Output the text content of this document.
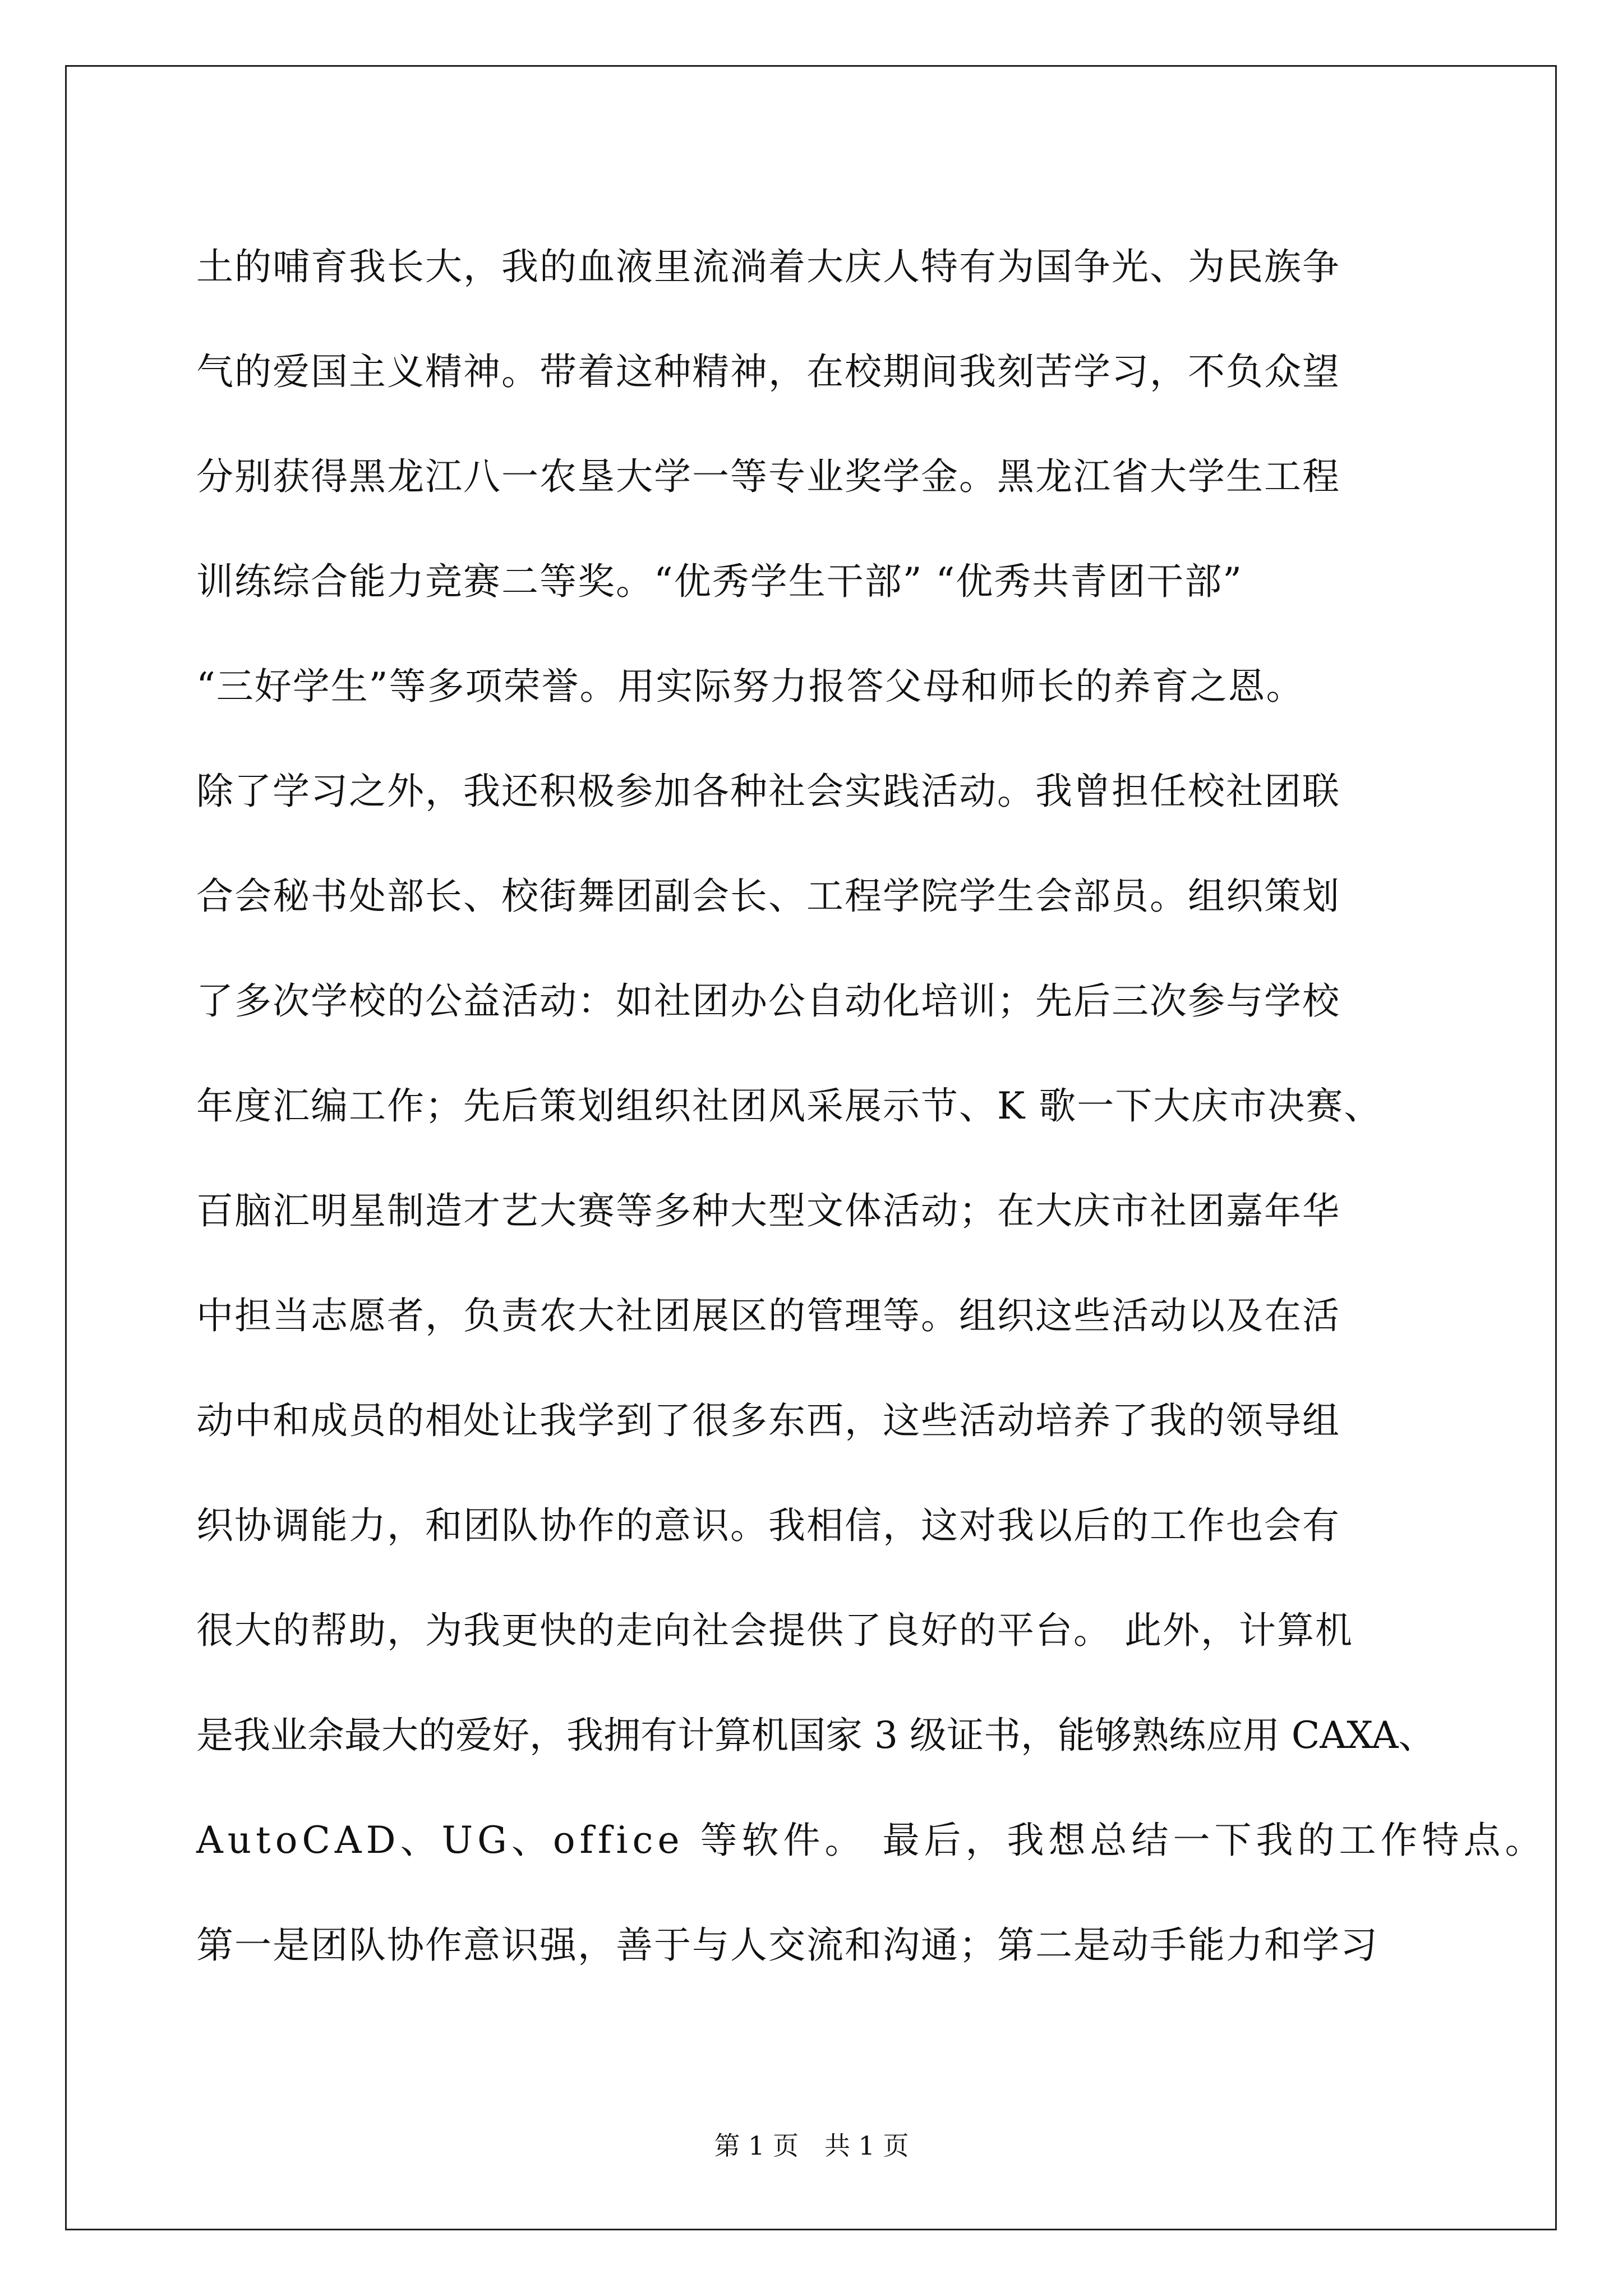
土的哺育我长大，我的血液里流淌着大庆人特有为国争光、为民族争
气的爱国主义精神。带着这种精神，在校期间我刻苦学习，不负众望
分别获得黑龙江八一农垦大学一等专业奖学金。黑龙江省大学生工程
训练综合能力竞赛二等奖。“优秀学生干部” “优秀共青团干部”
“三好学生”等多项荣誉。用实际努力报答父母和师长的养育之恩。
除了学习之外，我还积极参加各种社会实践活动。我曾担任校社团联
合会秘书处部长、校街舞团副会长、工程学院学生会部员。组织策划
了多次学校的公益活动：如社团办公自动化培训；先后三次参与学校
年度汇编工作；先后策划组织社团风采展示节、K 歌一下大庆市决赛、
百脑汇明星制造才艺大赛等多种大型文体活动；在大庆市社团嘉年华
中担当志愿者，负责农大社团展区的管理等。组织这些活动以及在活
动中和成员的相处让我学到了很多东西，这些活动培养了我的领导组
织协调能力，和团队协作的意识。我相信，这对我以后的工作也会有
很大的帮助，为我更快的走向社会提供了良好的平台。 此外，计算机
是我业余最大的爱好，我拥有计算机国家 3 级证书，能够熟练应用 CAXA、
AutoCAD、UG、office 等软件。 最后，我想总结一下我的工作特点。
第一是团队协作意识强，善于与人交流和沟通；第二是动手能力和学习
第 1 页 共 1 页
